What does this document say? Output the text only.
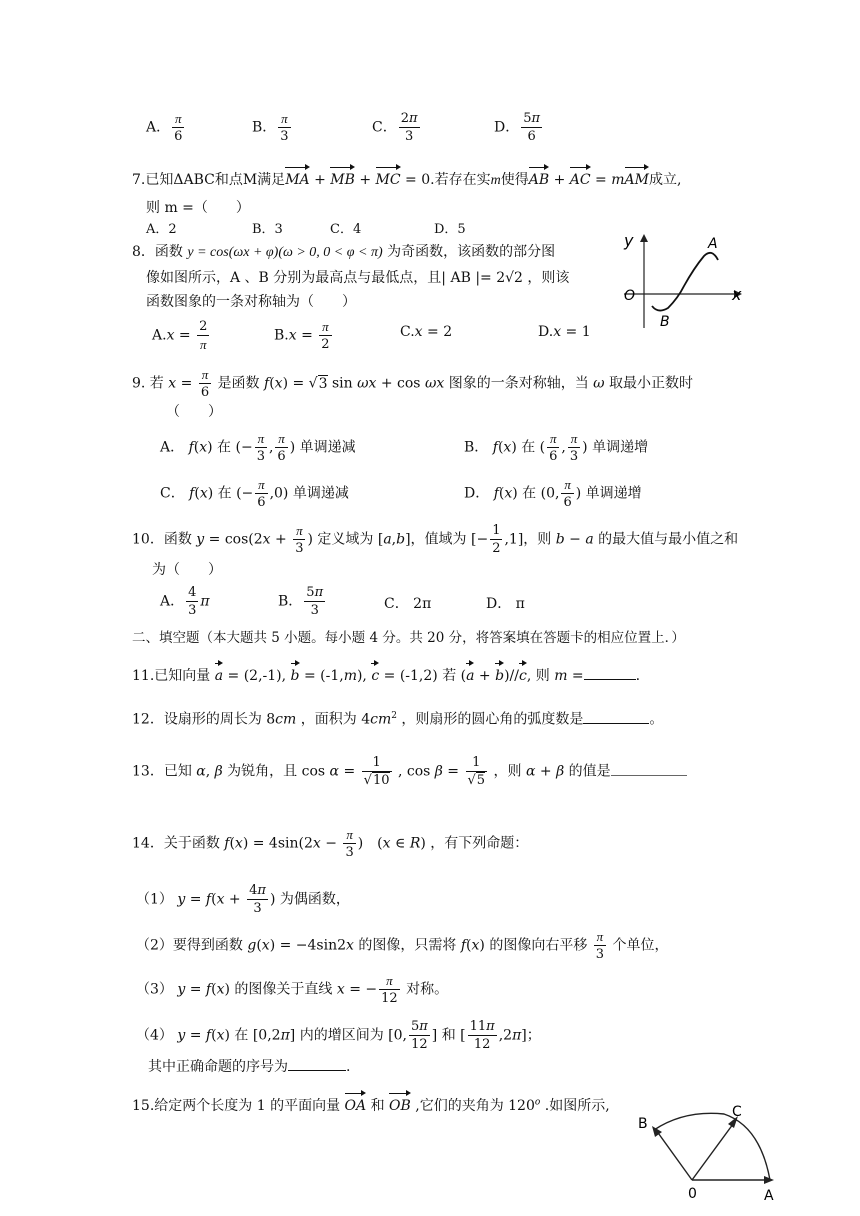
A． $\frac{\pi}{6}$	B． $\frac{\pi}{3}$	C． $\frac{2\pi}{3}$	D． $\frac{5\pi}{6}$
7.已知ΔABC和点M满足MA + MB + MC = 0.若存在实m使得AB + AC = mAM成立,
则 m =（　　）
A．2	B．3	C．4	D．5
8．函数 y = cos(ωx + φ)(ω > 0, 0 < φ < π) 为奇函数，该函数的部分图
像如图所示，A 、B 分别为最高点与最低点，且| AB |= 2√2 ，则该
函数图象的一条对称轴为（　　）
y
x
O
A
B
$A.x = \frac{2}{\pi}$	$B.x = \frac{\pi}{2}$	C.x = 2	D.x = 1
9. 若 $x = \frac{\pi}{6}$ 是函数 f(x) = √3 sin ωx + cos ωx 图象的一条对称轴，当 ω 取最小正数时
（　　）
A． f(x) 在 (− $\frac{\pi}{3}$ , $\frac{\pi}{6}$ ) 单调递减	B． f(x) 在 ( $\frac{\pi}{6}$ , $\frac{\pi}{3}$ ) 单调递增
C． f(x) 在 (− $\frac{\pi}{6} ,0$) 单调递减	D． f(x) 在 (0, $\frac{\pi}{6}$ ) 单调递增
10．函数 $y = \cos(2x + \frac{\pi}{3}$ ) 定义域为 [a,b]，值域为 [− $\frac{1}{2} ,1$]，则 b − a 的最大值与最小值之和
为（　　）
A． $\frac{4}{3}$ π	B． $\frac{5\pi}{3}$	C． 2π	D． π
二、填空题（本大题共 5 小题。每小题 4 分。共 20 分，将答案填在答题卡的相应位置上．）
11.已知向量 a = (2,-1), b = (-1,m), c = (-1,2) 若 (a + b)//c, 则 m =	.
12．设扇形的周长为 8cm ，面积为 $4cm^2$ ，则扇形的圆心角的弧度数是	。
13．已知 α, β 为锐角，且 $\cos \alpha = \frac{1}{√10}$ , $\cos \beta = \frac{1}{√5}$ ，则 α + β 的值是
14．关于函数 $f(x) = 4\sin(2x - \frac{\pi}{3}$ )　(x ∈ R) ，有下列命题：
（1） $y = f(x + \frac{4\pi}{3}$ ) 为偶函数，
（2）要得到函数 g(x) = −4sin2x 的图像，只需将 f(x) 的图像向右平移 $\frac{\pi}{3}$ 个单位，
（3） y = f(x) 的图像关于直线 x = − $\frac{\pi}{12}$ 对称。
（4） y = f(x) 在 [0,2π] 内的增区间为 [0, $\frac{5\pi}{12}$ ] 和 [ $\frac{11\pi}{12} ,2\pi$]；
其中正确命题的序号为	.
15.给定两个长度为 1 的平面向量 OA 和 OB ,它们的夹角为 120$^o$ .如图所示,
B
C
0	A
